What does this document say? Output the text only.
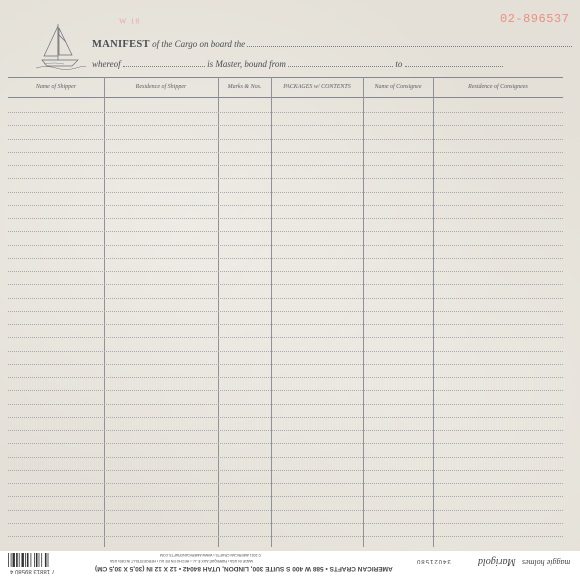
W 18	02-896537
MANIFEST of the Cargo on board the
whereof	is Master, bound from	to
Name of Shipper	Residence of Shipper	Marks & Nos.	PACKAGES w/ CONTENTS	Name of Consignee	Residence of Consignees
7 18813 89580 4
© 2021 AMERICAN CRAFTS • WWW.AMERICANCRAFTS.COM
MADE IN USA • FABRIQUÉ AUX É.-U. • HECHO EN EE UU • HERGESTELLT IN DEN USA
AMERICAN CRAFTS • 588 W 400 S SUITE 300, LINDON, UTAH 84042 • 12 X 12 IN (30,5 X 30,5 CM)
34021580	Marigold maggie holmes
